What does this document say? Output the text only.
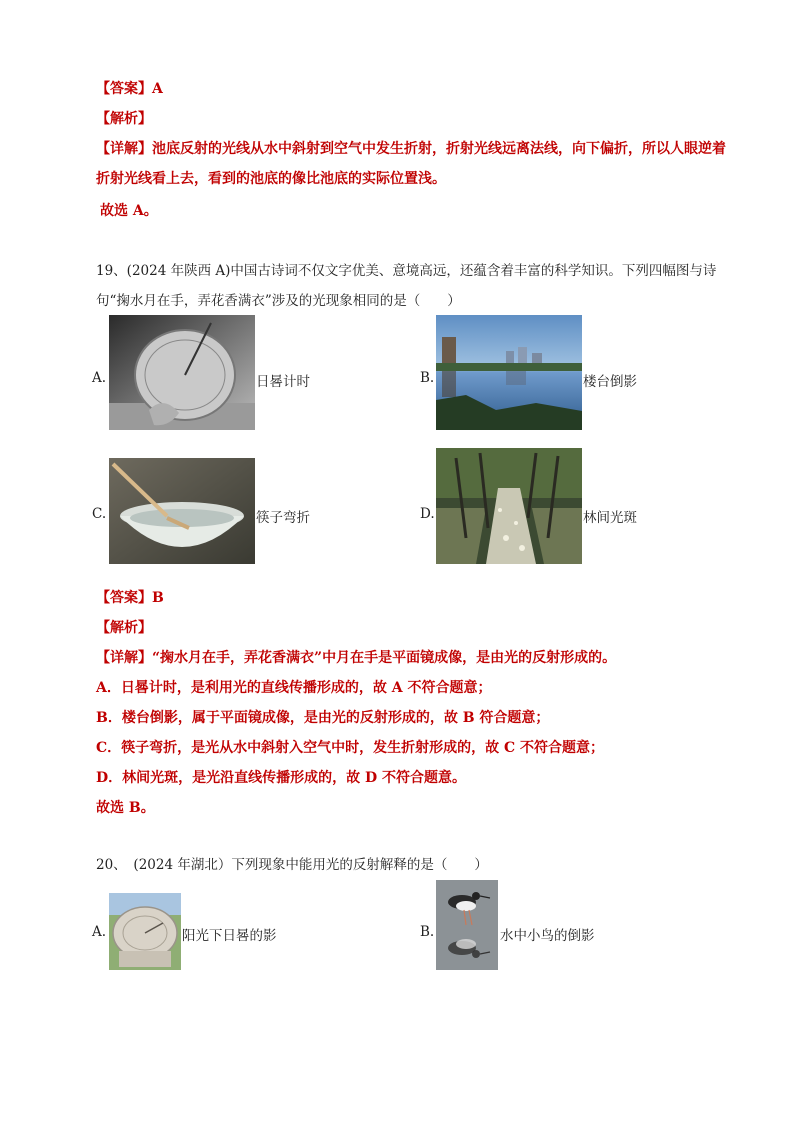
【答案】A
【解析】
【详解】池底反射的光线从水中斜射到空气中发生折射，折射光线远离法线，向下偏折，所以人眼逆着
折射光线看上去，看到的池底的像比池底的实际位置浅。
故选 A。
19、(2024 年陕西 A)中国古诗词不仅文字优美、意境高远，还蕴含着丰富的科学知识。下列四幅图与诗
句“掬水月在手，弄花香满衣”涉及的光现象相同的是（　　）
A.	日晷计时	B.	楼台倒影
C.	筷子弯折	D.	林间光斑
【答案】B
【解析】
【详解】“掬水月在手，弄花香满衣”中月在手是平面镜成像，是由光的反射形成的。
A．日晷计时，是利用光的直线传播形成的，故 A 不符合题意；
B．楼台倒影，属于平面镜成像，是由光的反射形成的，故 B 符合题意；
C．筷子弯折，是光从水中斜射入空气中时，发生折射形成的，故 C 不符合题意；
D．林间光斑，是光沿直线传播形成的，故 D 不符合题意。
故选 B。
20、　(2024 年湖北）下列现象中能用光的反射解释的是（　　）
A.	阳光下日晷的影	B.	水中小鸟的倒影
